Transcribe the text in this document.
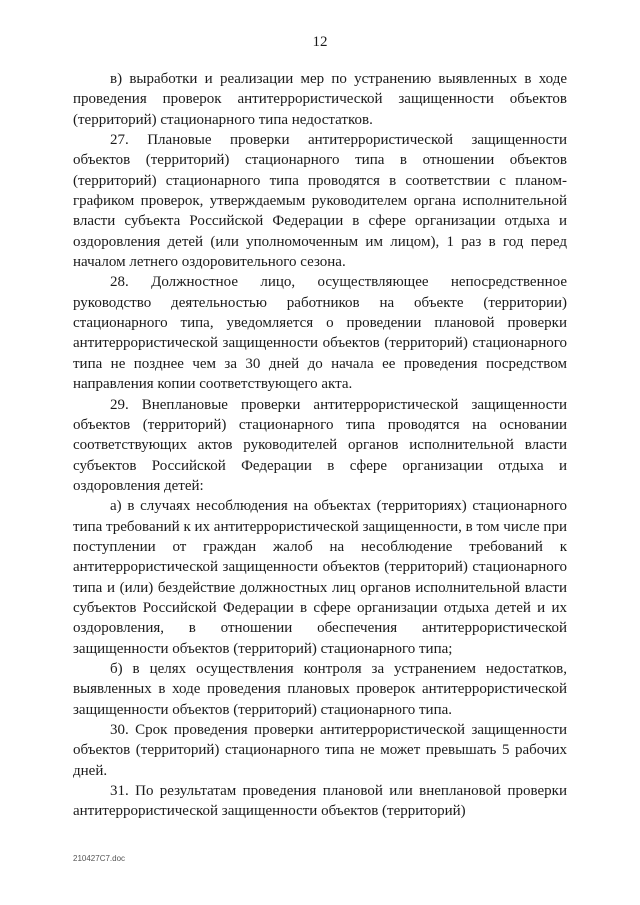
12

в) выработки и реализации мер по устранению выявленных в ходе проведения проверок антитеррористической защищенности объектов (территорий) стационарного типа недостатков.

27. Плановые проверки антитеррористической защищенности объектов (территорий) стационарного типа в отношении объектов (территорий) стационарного типа проводятся в соответствии с планом-графиком проверок, утверждаемым руководителем органа исполнительной власти субъекта Российской Федерации в сфере организации отдыха и оздоровления детей (или уполномоченным им лицом), 1 раз в год перед началом летнего оздоровительного сезона.

28. Должностное лицо, осуществляющее непосредственное руководство деятельностью работников на объекте (территории) стационарного типа, уведомляется о проведении плановой проверки антитеррористической защищенности объектов (территорий) стационарного типа не позднее чем за 30 дней до начала ее проведения посредством направления копии соответствующего акта.

29. Внеплановые проверки антитеррористической защищенности объектов (территорий) стационарного типа проводятся на основании соответствующих актов руководителей органов исполнительной власти субъектов Российской Федерации в сфере организации отдыха и оздоровления детей:

а) в случаях несоблюдения на объектах (территориях) стационарного типа требований к их антитеррористической защищенности, в том числе при поступлении от граждан жалоб на несоблюдение требований к антитеррористической защищенности объектов (территорий) стационарного типа и (или) бездействие должностных лиц органов исполнительной власти субъектов Российской Федерации в сфере организации отдыха детей и их оздоровления, в отношении обеспечения антитеррористической защищенности объектов (территорий) стационарного типа;

б) в целях осуществления контроля за устранением недостатков, выявленных в ходе проведения плановых проверок антитеррористической защищенности объектов (территорий) стационарного типа.

30. Срок проведения проверки антитеррористической защищенности объектов (территорий) стационарного типа не может превышать 5 рабочих дней.

31. По результатам проведения плановой или внеплановой проверки антитеррористической защищенности объектов (территорий)

210427C7.doc
